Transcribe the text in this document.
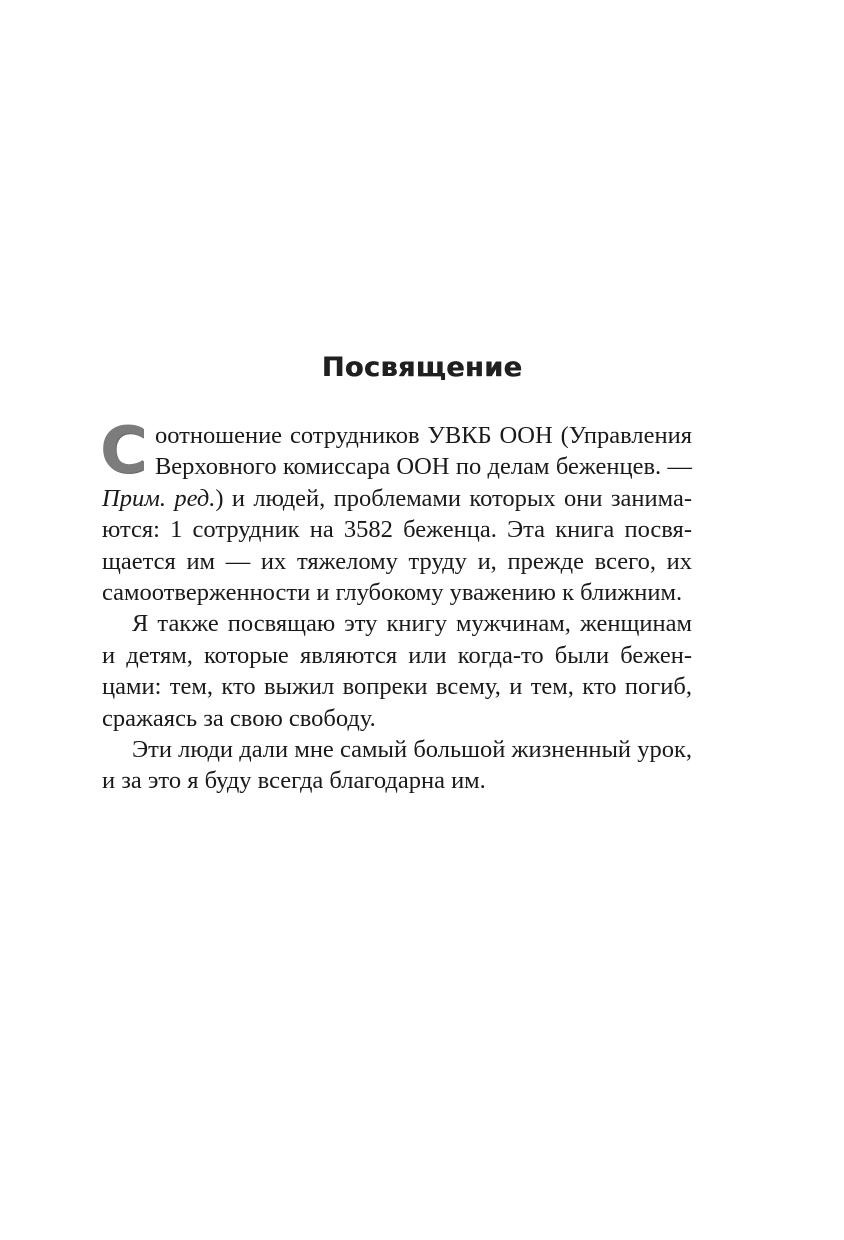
Посвящение

Соотношение сотрудников УВКБ ООН (Управления Верховного комиссара ООН по делам беженцев. — Прим. ред.) и людей, проблемами которых они занимаются: 1 сотрудник на 3582 беженца. Эта книга посвящается им — их тяжелому труду и, прежде всего, их самоотверженности и глубокому уважению к ближним.

Я также посвящаю эту книгу мужчинам, женщинам и детям, которые являются или когда-то были беженцами: тем, кто выжил вопреки всему, и тем, кто погиб, сражаясь за свою свободу.

Эти люди дали мне самый большой жизненный урок, и за это я буду всегда благодарна им.
